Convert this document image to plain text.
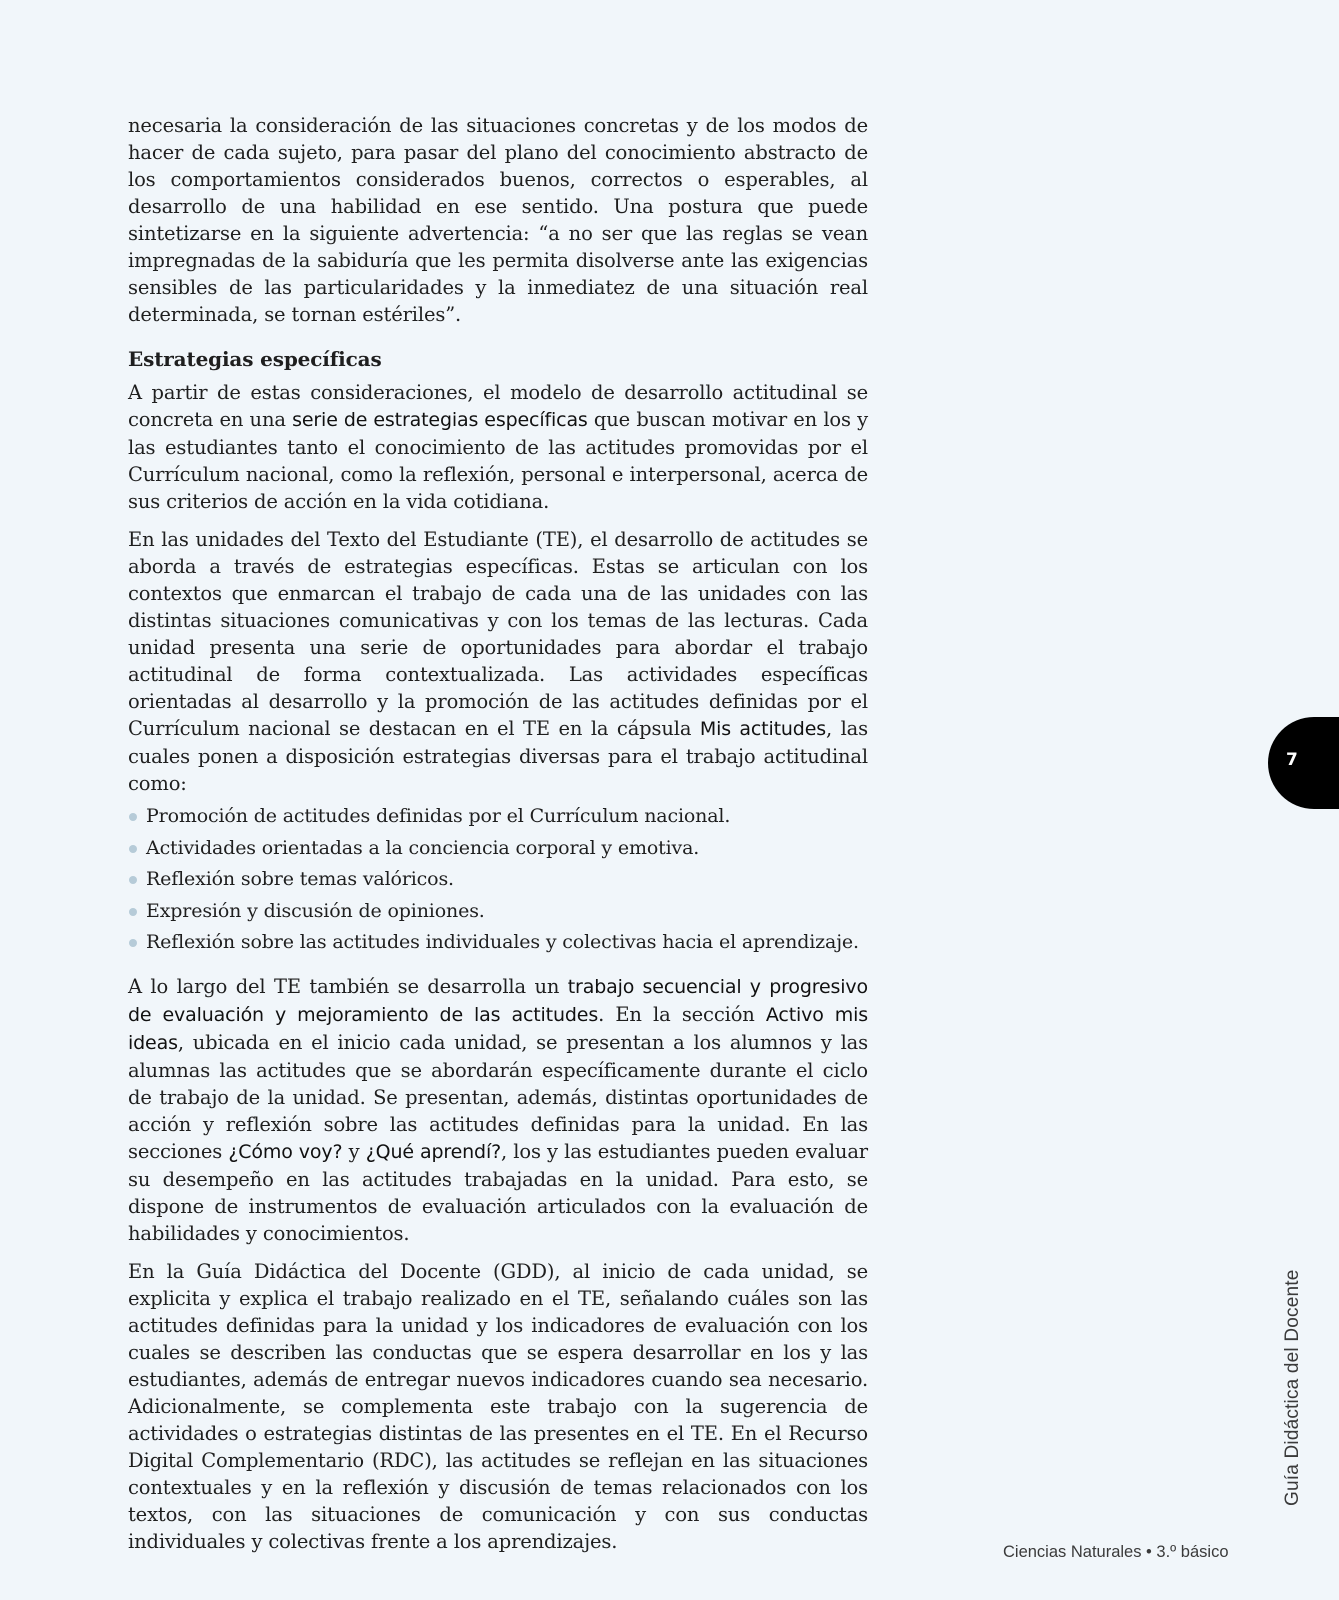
necesaria la consideración de las situaciones concretas y de los modos de hacer de cada sujeto, para pasar del plano del conocimiento abstracto de los comportamientos considerados buenos, correctos o esperables, al desarrollo de una habilidad en ese sentido. Una postura que puede sintetizarse en la siguiente advertencia: “a no ser que las reglas se vean impregnadas de la sabiduría que les permita disolverse ante las exigencias sensibles de las particularidades y la inmediatez de una situación real determinada, se tornan estériles”.

Estrategias específicas

A partir de estas consideraciones, el modelo de desarrollo actitudinal se concreta en una serie de estrategias específicas que buscan motivar en los y las estudiantes tanto el conocimiento de las actitudes promovidas por el Currículum nacional, como la reflexión, personal e interpersonal, acerca de sus criterios de acción en la vida cotidiana.

En las unidades del Texto del Estudiante (TE), el desarrollo de actitudes se aborda a través de estrategias específicas. Estas se articulan con los contextos que enmarcan el trabajo de cada una de las unidades con las distintas situaciones comunicativas y con los temas de las lecturas. Cada unidad presenta una serie de oportunidades para abordar el trabajo actitudinal de forma contextualizada. Las actividades específicas orientadas al desarrollo y la promoción de las actitudes definidas por el Currículum nacional se destacan en el TE en la cápsula Mis actitudes, las cuales ponen a disposición estrategias diversas para el trabajo actitudinal como:

Promoción de actitudes definidas por el Currículum nacional.
Actividades orientadas a la conciencia corporal y emotiva.
Reflexión sobre temas valóricos.
Expresión y discusión de opiniones.
Reflexión sobre las actitudes individuales y colectivas hacia el aprendizaje.

A lo largo del TE también se desarrolla un trabajo secuencial y progresivo de evaluación y mejoramiento de las actitudes. En la sección Activo mis ideas, ubicada en el inicio cada unidad, se presentan a los alumnos y las alumnas las actitudes que se abordarán específicamente durante el ciclo de trabajo de la unidad. Se presentan, además, distintas oportunidades de acción y reflexión sobre las actitudes definidas para la unidad. En las secciones ¿Cómo voy? y ¿Qué aprendí?, los y las estudiantes pueden evaluar su desempeño en las actitudes trabajadas en la unidad. Para esto, se dispone de instrumentos de evaluación articulados con la evaluación de habilidades y conocimientos.

En la Guía Didáctica del Docente (GDD), al inicio de cada unidad, se explicita y explica el trabajo realizado en el TE, señalando cuáles son las actitudes definidas para la unidad y los indicadores de evaluación con los cuales se describen las conductas que se espera desarrollar en los y las estudiantes, además de entregar nuevos indicadores cuando sea necesario. Adicionalmente, se complementa este trabajo con la sugerencia de actividades o estrategias distintas de las presentes en el TE. En el Recurso Digital Complementario (RDC), las actitudes se reflejan en las situaciones contextuales y en la reflexión y discusión de temas relacionados con los textos, con las situaciones de comunicación y con sus conductas individuales y colectivas frente a los aprendizajes.

7
Guía Didáctica del Docente
Ciencias Naturales • 3.º básico
